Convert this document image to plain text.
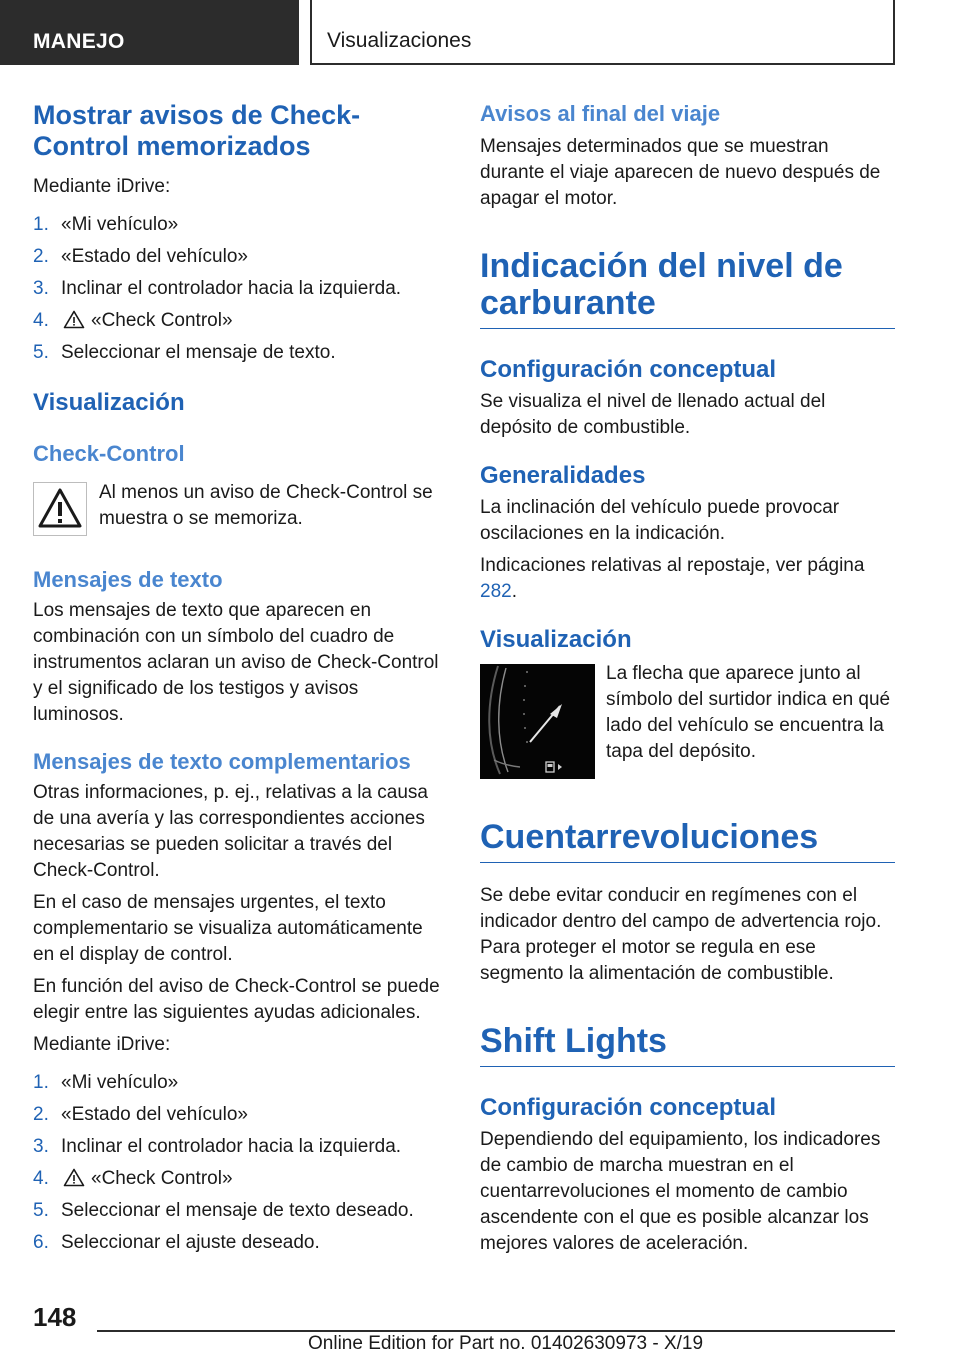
MANEJO	Visualizaciones
Mostrar avisos de Check-Control memorizados
Mediante iDrive:
1. «Mi vehículo»
2. «Estado del vehículo»
3. Inclinar el controlador hacia la izquierda.
4. «Check Control»
5. Seleccionar el mensaje de texto.
Visualización
Check-Control
Al menos un aviso de Check-Control se muestra o se memoriza.
Mensajes de texto
Los mensajes de texto que aparecen en combinación con un símbolo del cuadro de instrumentos aclaran un aviso de Check-Control y el significado de los testigos y avisos luminosos.
Mensajes de texto complementarios
Otras informaciones, p. ej., relativas a la causa de una avería y las correspondientes acciones necesarias se pueden solicitar a través del Check-Control.
En el caso de mensajes urgentes, el texto complementario se visualiza automáticamente en el display de control.
En función del aviso de Check-Control se puede elegir entre las siguientes ayudas adicionales.
Mediante iDrive:
1. «Mi vehículo»
2. «Estado del vehículo»
3. Inclinar el controlador hacia la izquierda.
4. «Check Control»
5. Seleccionar el mensaje de texto deseado.
6. Seleccionar el ajuste deseado.
Avisos al final del viaje
Mensajes determinados que se muestran durante el viaje aparecen de nuevo después de apagar el motor.
Indicación del nivel de carburante
Configuración conceptual
Se visualiza el nivel de llenado actual del depósito de combustible.
Generalidades
La inclinación del vehículo puede provocar oscilaciones en la indicación.
Indicaciones relativas al repostaje, ver página 282.
Visualización
La flecha que aparece junto al símbolo del surtidor indica en qué lado del vehículo se encuentra la tapa del depósito.
Cuentarrevoluciones
Se debe evitar conducir en regímenes con el indicador dentro del campo de advertencia rojo. Para proteger el motor se regula en ese segmento la alimentación de combustible.
Shift Lights
Configuración conceptual
Dependiendo del equipamiento, los indicadores de cambio de marcha muestran en el cuentarrevoluciones el momento de cambio ascendente con el que es posible alcanzar los mejores valores de aceleración.
148
Online Edition for Part no. 01402630973 - X/19
